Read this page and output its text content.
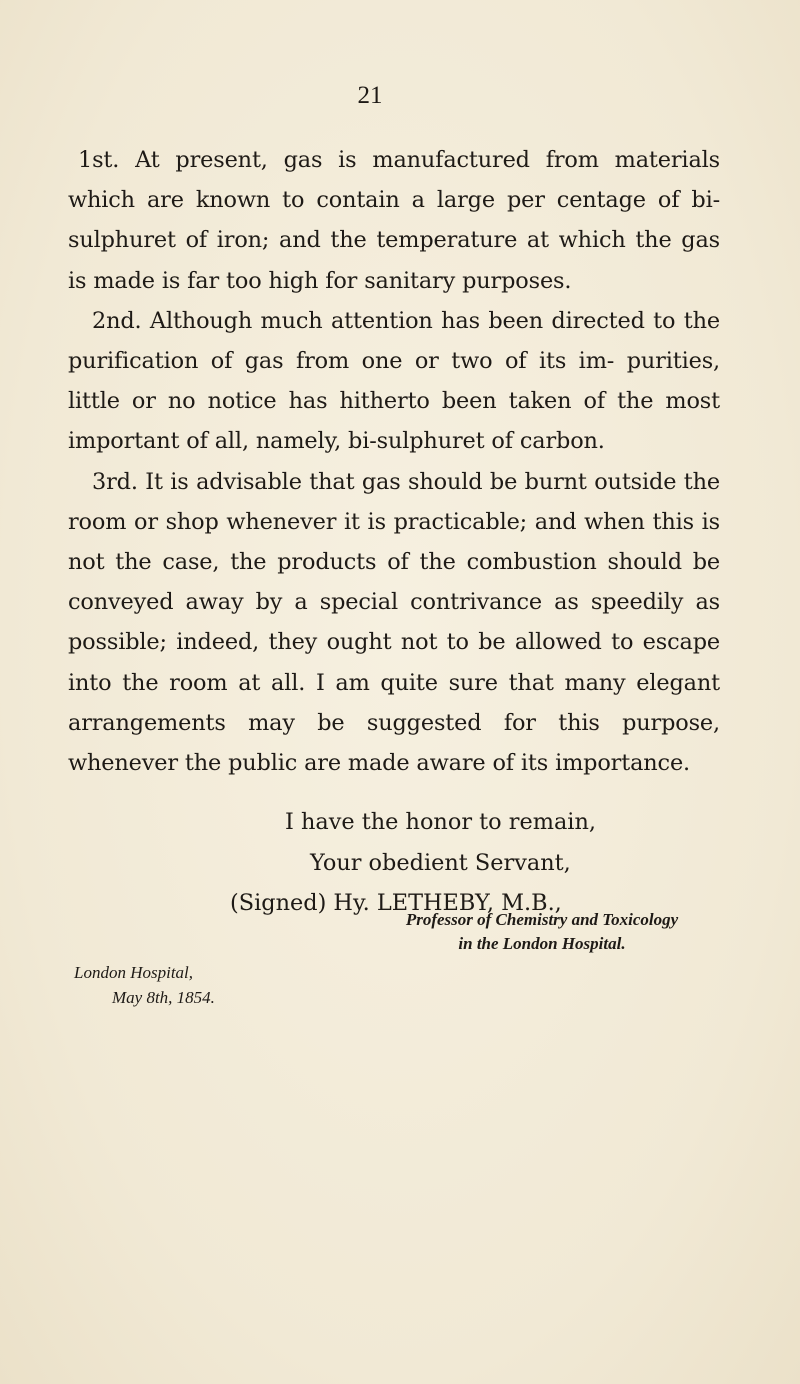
21

1st. At present, gas is manufactured from materials which are known to contain a large per centage of bi-sulphuret of iron; and the temperature at which the gas is made is far too high for sanitary purposes.

2nd. Although much attention has been directed to the purification of gas from one or two of its im- purities, little or no notice has hitherto been taken of the most important of all, namely, bi-sulphuret of carbon.

3rd. It is advisable that gas should be burnt outside the room or shop whenever it is practicable; and when this is not the case, the products of the combustion should be conveyed away by a special contrivance as speedily as possible; indeed, they ought not to be allowed to escape into the room at all. I am quite sure that many elegant arrangements may be suggested for this purpose, whenever the public are made aware of its importance.

I have the honor to remain,
Your obedient Servant,
(Signed) Hy. LETHEBY, M.B.,
Professor of Chemistry and Toxicology
in the London Hospital.
London Hospital,
May 8th, 1854.
